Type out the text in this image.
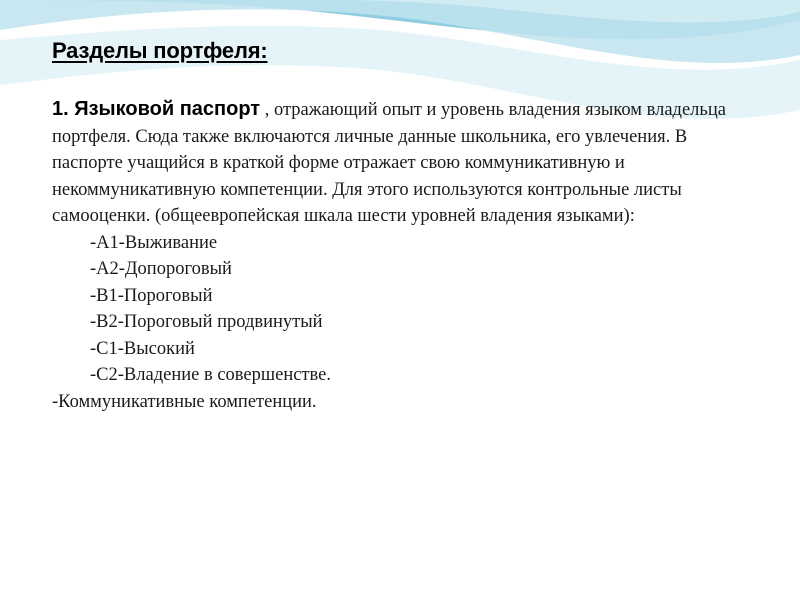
Разделы портфеля:

1. Языковой паспорт , отражающий опыт и уровень владения языком владельца портфеля. Сюда также включаются личные данные школьника, его увлечения. В паспорте учащийся в краткой форме отражает свою коммуникативную и некоммуникативную компетенции. Для этого используются контрольные листы самооценки. (общеевропейская шкала шести уровней владения языками):

-А1-Выживание
-А2-Допороговый
-В1-Пороговый
-В2-Пороговый продвинутый
-С1-Высокий
-С2-Владение в совершенстве.

-Коммуникативные компетенции.
